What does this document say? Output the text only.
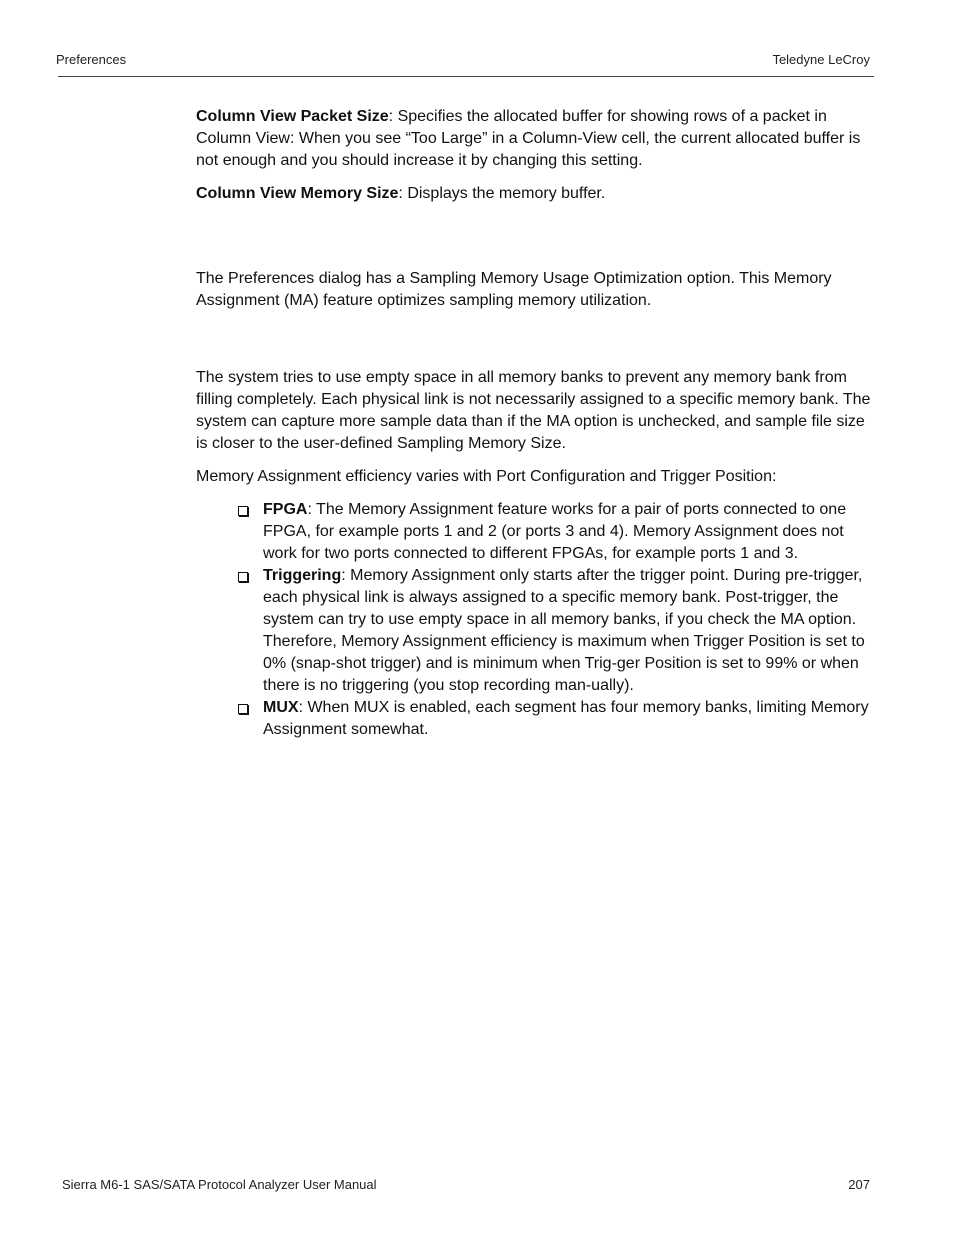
Preferences	Teledyne LeCroy

Column View Packet Size: Specifies the allocated buffer for showing rows of a packet in Column View: When you see “Too Large” in a Column-View cell, the current allocated buffer is not enough and you should increase it by changing this setting.

Column View Memory Size: Displays the memory buffer.

The Preferences dialog has a Sampling Memory Usage Optimization option. This Memory Assignment (MA) feature optimizes sampling memory utilization.

The system tries to use empty space in all memory banks to prevent any memory bank from filling completely. Each physical link is not necessarily assigned to a specific memory bank. The system can capture more sample data than if the MA option is unchecked, and sample file size is closer to the user-defined Sampling Memory Size.

Memory Assignment efficiency varies with Port Configuration and Trigger Position:

FPGA: The Memory Assignment feature works for a pair of ports connected to one FPGA, for example ports 1 and 2 (or ports 3 and 4). Memory Assignment does not work for two ports connected to different FPGAs, for example ports 1 and 3.
Triggering: Memory Assignment only starts after the trigger point. During pre-trigger, each physical link is always assigned to a specific memory bank. Post-trigger, the system can try to use empty space in all memory banks, if you check the MA option. Therefore, Memory Assignment efficiency is maximum when Trigger Position is set to 0% (snap-shot trigger) and is minimum when Trig-ger Position is set to 99% or when there is no triggering (you stop recording man-ually).
MUX: When MUX is enabled, each segment has four memory banks, limiting Memory Assignment somewhat.
Sierra M6-1 SAS/SATA Protocol Analyzer User Manual	207
